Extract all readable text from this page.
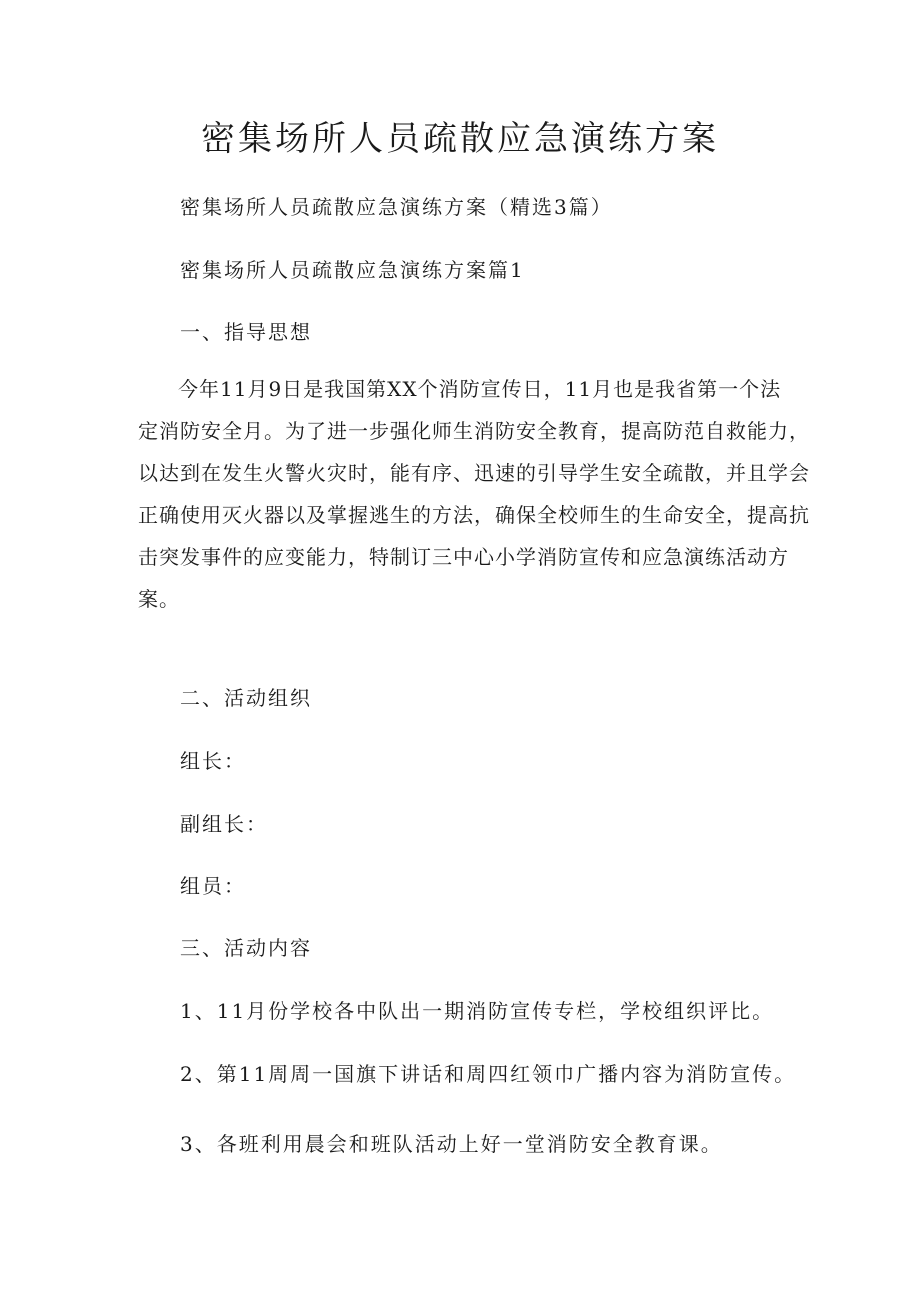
密集场所人员疏散应急演练方案

密集场所人员疏散应急演练方案（精选3篇）

密集场所人员疏散应急演练方案篇1

一、指导思想

今年11月9日是我国第XX个消防宣传日，11月也是我省第一个法
定消防安全月。为了进一步强化师生消防安全教育，提高防范自救能力，
以达到在发生火警火灾时，能有序、迅速的引导学生安全疏散，并且学会
正确使用灭火器以及掌握逃生的方法，确保全校师生的生命安全，提高抗
击突发事件的应变能力，特制订三中心小学消防宣传和应急演练活动方
案。

二、活动组织

组长：

副组长：

组员：

三、活动内容

1、11月份学校各中队出一期消防宣传专栏，学校组织评比。

2、第11周周一国旗下讲话和周四红领巾广播内容为消防宣传。

3、各班利用晨会和班队活动上好一堂消防安全教育课。
